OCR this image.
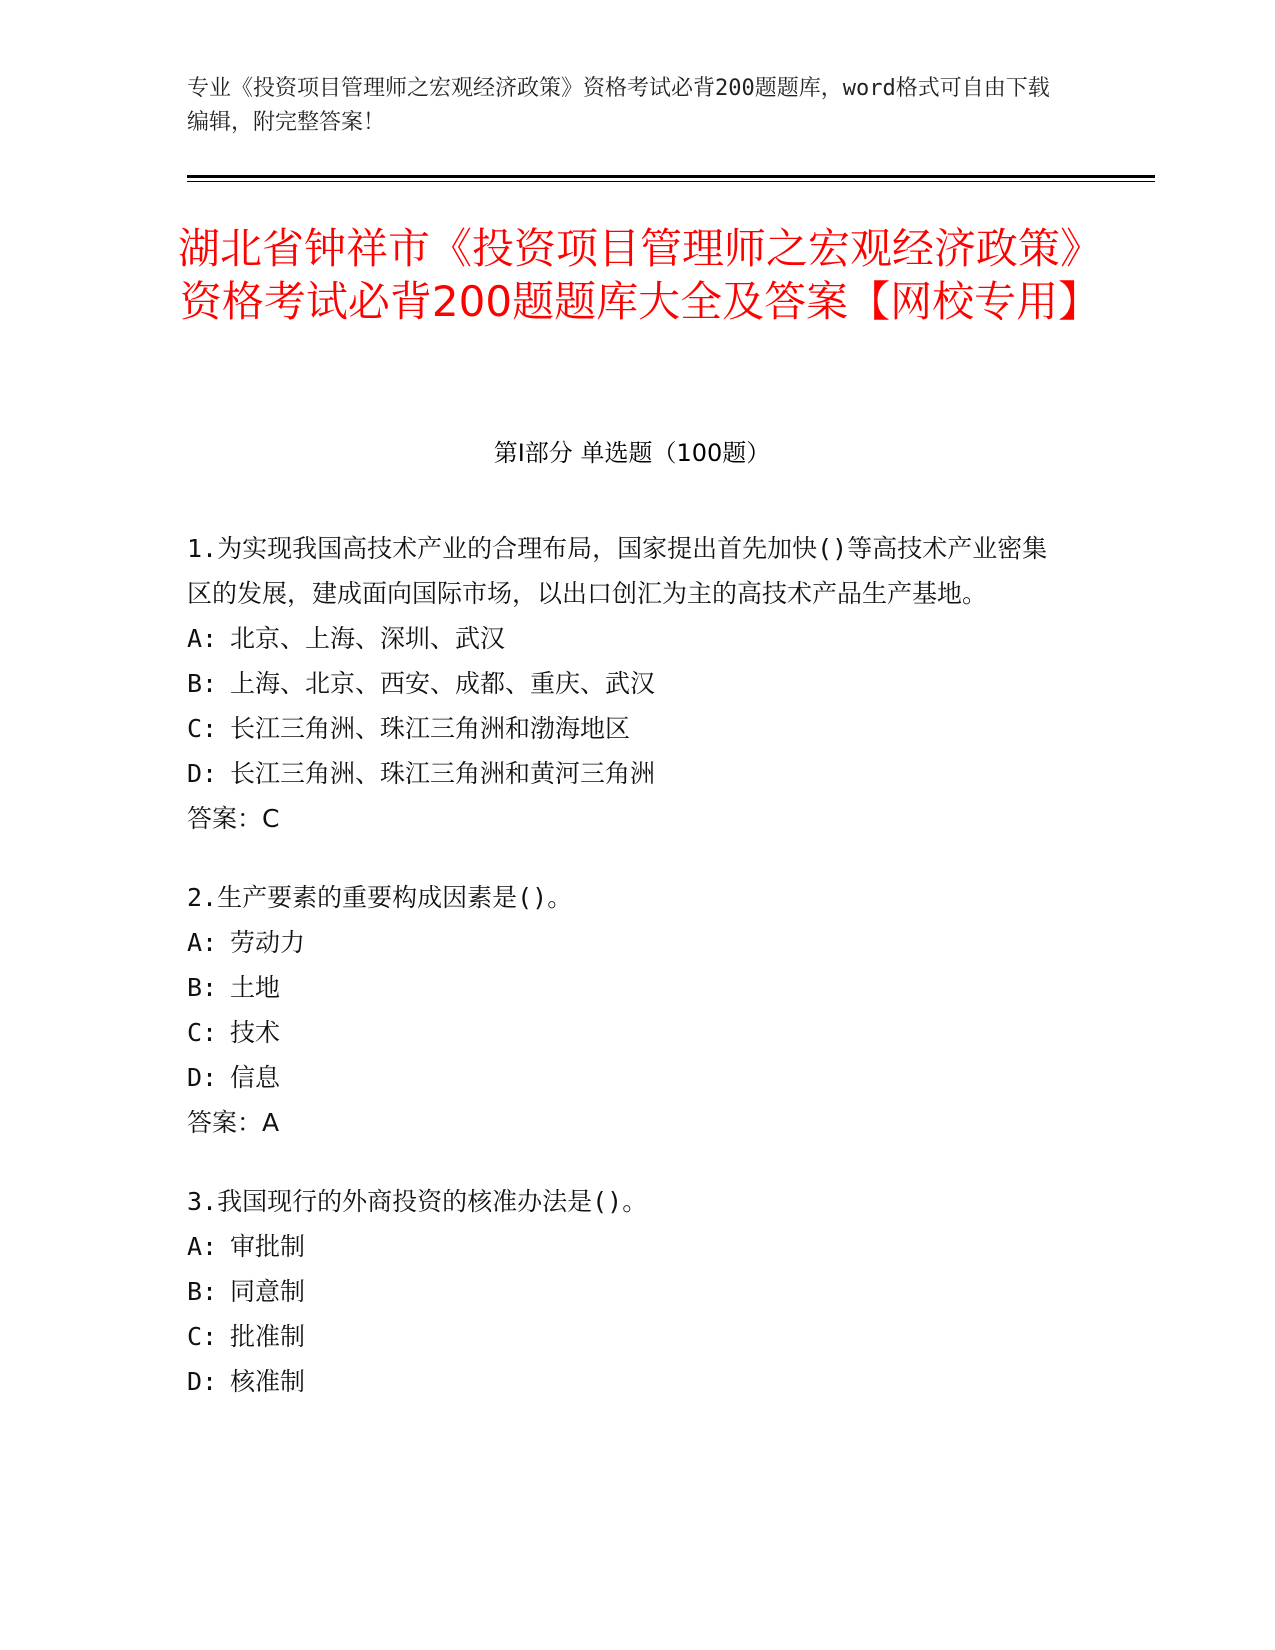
专业《投资项目管理师之宏观经济政策》资格考试必背200题题库，word格式可自由下载编辑，附完整答案！
湖北省钟祥市《投资项目管理师之宏观经济政策》资格考试必背200题题库大全及答案【网校专用】
第Ⅰ部分 单选题（100题）
1.为实现我国高技术产业的合理布局，国家提出首先加快()等高技术产业密集区的发展，建成面向国际市场，以出口创汇为主的高技术产品生产基地。
A: 北京、上海、深圳、武汉
B: 上海、北京、西安、成都、重庆、武汉
C: 长江三角洲、珠江三角洲和渤海地区
D: 长江三角洲、珠江三角洲和黄河三角洲
答案：C
2.生产要素的重要构成因素是()。
A: 劳动力
B: 土地
C: 技术
D: 信息
答案：A
3.我国现行的外商投资的核准办法是()。
A: 审批制
B: 同意制
C: 批准制
D: 核准制
